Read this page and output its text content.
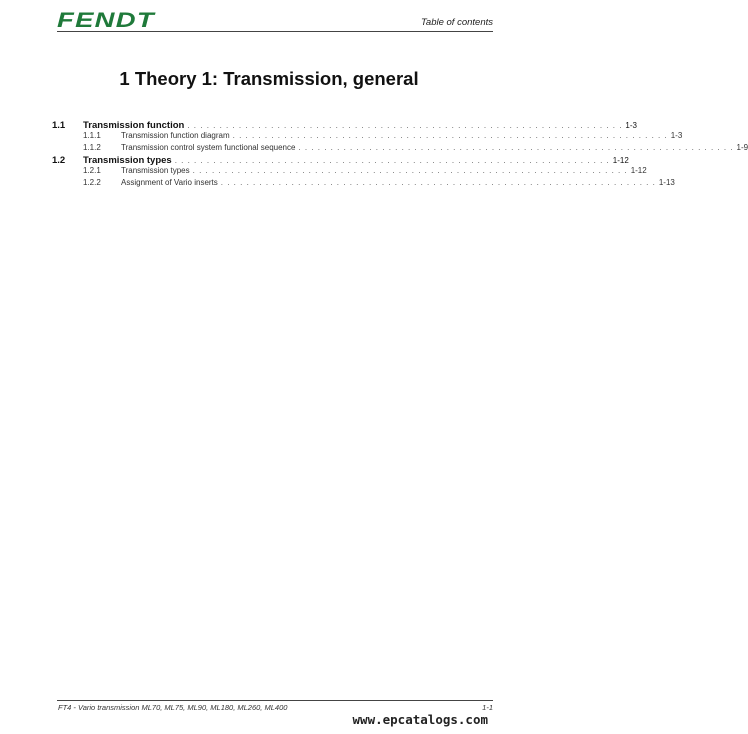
FENDT	Table of contents
1 Theory 1: Transmission, general
1.1	Transmission function . . . . . . . . . . . . . . . . . . . . . . . . . . . . . . . . . . . . . . . . . . . . . . . . . . . . . . . . . . . . . . . . . . . . 1-3
1.1.1	Transmission function diagram . . . . . . . . . . . . . . . . . . . . . . . . . . . . . . . . . . . . . . . . . . . . . . . . . . . . . . . . . . . . . . . . . . . . 1-3
1.1.2	Transmission control system functional sequence . . . . . . . . . . . . . . . . . . . . . . . . . . . . . . . . . . . . . . . . . . . . . . . . . . . . . . . . . . . . . . . . . . . . 1-9
1.2	Transmission types . . . . . . . . . . . . . . . . . . . . . . . . . . . . . . . . . . . . . . . . . . . . . . . . . . . . . . . . . . . . . . . . . . . . 1-12
1.2.1	Transmission types . . . . . . . . . . . . . . . . . . . . . . . . . . . . . . . . . . . . . . . . . . . . . . . . . . . . . . . . . . . . . . . . . . . . 1-12
1.2.2	Assignment of Vario inserts . . . . . . . . . . . . . . . . . . . . . . . . . . . . . . . . . . . . . . . . . . . . . . . . . . . . . . . . . . . . . . . . . . . . 1-13
FT4 - Vario transmission ML70, ML75, ML90, ML180, ML260, ML400	1-1
www.epcatalogs.com
